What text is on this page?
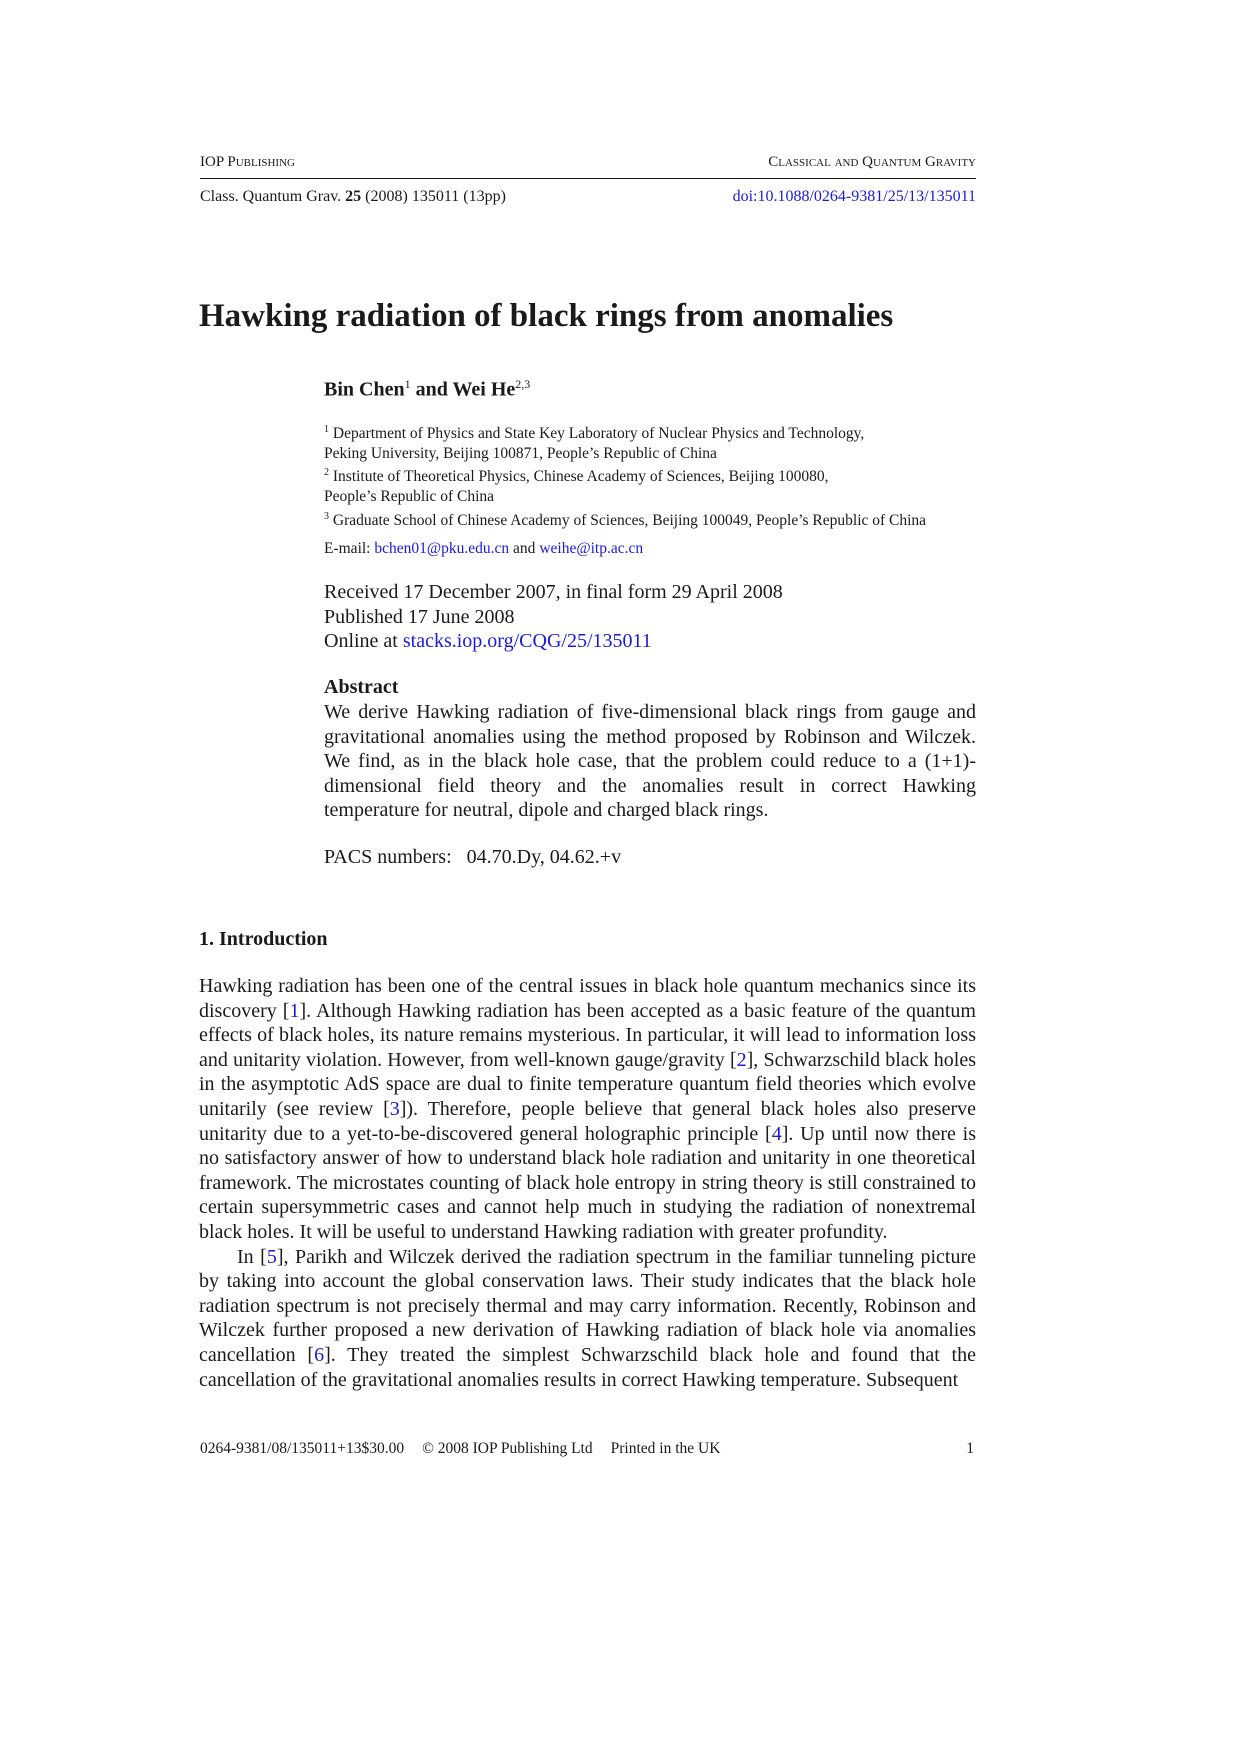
IOP Publishing	Classical and Quantum Gravity
Class. Quantum Grav. 25 (2008) 135011 (13pp)	doi:10.1088/0264-9381/25/13/135011
Hawking radiation of black rings from anomalies
Bin Chen$^1$ and Wei He$^{2,3}$
$^1$ Department of Physics and State Key Laboratory of Nuclear Physics and Technology,
Peking University, Beijing 100871, People’s Republic of China
$^2$ Institute of Theoretical Physics, Chinese Academy of Sciences, Beijing 100080,
People’s Republic of China
$^3$ Graduate School of Chinese Academy of Sciences, Beijing 100049, People’s Republic of China
E-mail: bchen01@pku.edu.cn and weihe@itp.ac.cn
Received 17 December 2007, in final form 29 April 2008
Published 17 June 2008
Online at stacks.iop.org/CQG/25/135011
Abstract
We derive Hawking radiation of five-dimensional black rings from gauge and gravitational anomalies using the method proposed by Robinson and Wilczek. We find, as in the black hole case, that the problem could reduce to a (1+1)-dimensional field theory and the anomalies result in correct Hawking temperature for neutral, dipole and charged black rings.
PACS numbers: 04.70.Dy, 04.62.+v
1. Introduction

Hawking radiation has been one of the central issues in black hole quantum mechanics since its discovery [1]. Although Hawking radiation has been accepted as a basic feature of the quantum effects of black holes, its nature remains mysterious. In particular, it will lead to information loss and unitarity violation. However, from well-known gauge/gravity [2], Schwarzschild black holes in the asymptotic AdS space are dual to finite temperature quantum field theories which evolve unitarily (see review [3]). Therefore, people believe that general black holes also preserve unitarity due to a yet-to-be-discovered general holographic principle [4]. Up until now there is no satisfactory answer of how to understand black hole radiation and unitarity in one theoretical framework. The microstates counting of black hole entropy in string theory is still constrained to certain supersymmetric cases and cannot help much in studying the radiation of nonextremal black holes. It will be useful to understand Hawking radiation with greater profundity.

In [5], Parikh and Wilczek derived the radiation spectrum in the familiar tunneling picture by taking into account the global conservation laws. Their study indicates that the black hole radiation spectrum is not precisely thermal and may carry information. Recently, Robinson and Wilczek further proposed a new derivation of Hawking radiation of black hole via anomalies cancellation [6]. They treated the simplest Schwarzschild black hole and found that the cancellation of the gravitational anomalies results in correct Hawking temperature. Subsequent

0264-9381/08/135011+13$30.00 © 2008 IOP Publishing Ltd Printed in the UK	1
